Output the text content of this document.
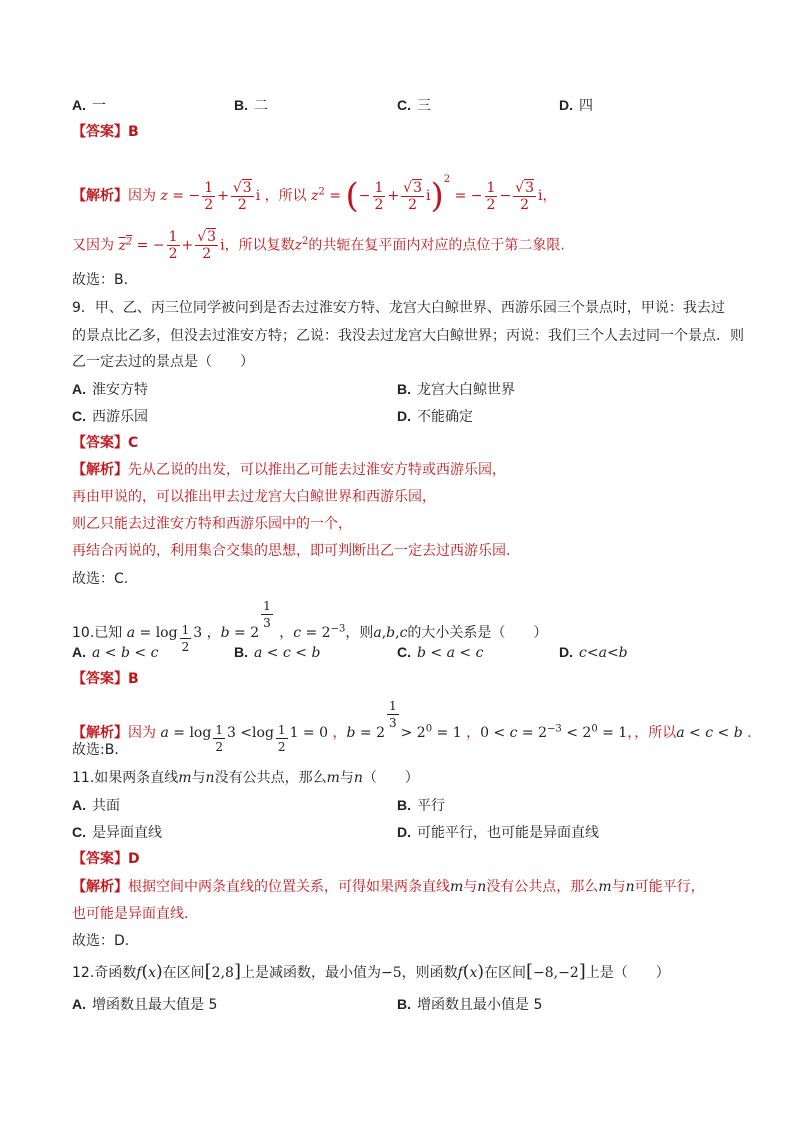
A. 一	B. 二	C. 三	D. 四
【答案】B
【解析】因为 z = − $\frac{1}{2} + \frac{√3}{2}$ i ，所以 $z^2$ = (− $\frac{1}{2} + \frac{√3}{2} i)^2$ = − $\frac{1}{2} - \frac{√3}{2}$ i，
又因为 $z^2$ = − $\frac{1}{2} + \frac{√3}{2}$ i，所以复数$z^2$的共轭在复平面内对应的点位于第二象限.
故选：B.
9．甲、乙、丙三位同学被问到是否去过淮安方特、龙宫大白鲸世界、西游乐园三个景点时，甲说：我去过
的景点比乙多，但没去过淮安方特；乙说：我没去过龙宫大白鲸世界；丙说：我们三个人去过同一个景点．则
乙一定去过的景点是（　　）
A. 淮安方特	B. 龙宫大白鲸世界
C. 西游乐园	D. 不能确定
【答案】C
【解析】先从乙说的出发，可以推出乙可能去过淮安方特或西游乐园，
再由甲说的，可以推出甲去过龙宫大白鲸世界和西游乐园，
则乙只能去过淮安方特和西游乐园中的一个，
再结合丙说的，利用集合交集的思想，即可判断出乙一定去过西游乐园.
故选：C.
10.已知 a = log $_{\frac{1}{2}}$ 3 ，b = 2
$^{\frac{1}{3}}$
，$c = 2^{-3}$，则a,b,c的大小关系是（　　）
A. a < b < c	B. a < c < b	C. b < a < c	D. c<a<b
【答案】B
【解析】因为 a = log $_{\frac{1}{2}}$ 3 <log $_{\frac{1}{2}}$ 1 = 0 ，b = 2
$^{\frac{1}{3}}$
> $2^0 = 1$ ，$0 < c = 2^{-3} < 2^0 = 1$，，所以a < c < b .
故选:B．
11.如果两条直线m与n没有公共点，那么m与n（　　）
A. 共面	B. 平行
C. 是异面直线	D. 可能平行，也可能是异面直线
【答案】D
【解析】根据空间中两条直线的位置关系，可得如果两条直线m与n没有公共点，那么m与n可能平行，
也可能是异面直线.
故选：D.
12.奇函数f(x)在区间[2,8]上是减函数，最小值为−5，则函数f(x)在区间[−8,−2]上是（　　）
A. 增函数且最大值是 5	B. 增函数且最小值是 5
